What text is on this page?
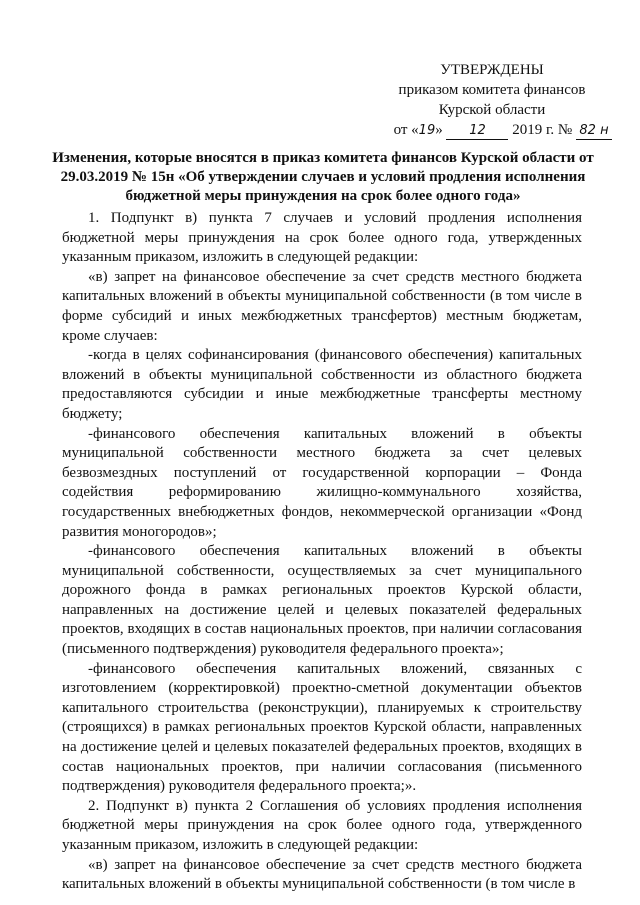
УТВЕРЖДЕНЫ
приказом комитета финансов
Курской области
от «19» 12 2019 г. № 82 н
Изменения, которые вносятся в приказ комитета финансов Курской области от 29.03.2019 № 15н «Об утверждении случаев и условий продления исполнения бюджетной меры принуждения на срок более одного года»

1. Подпункт в) пункта 7 случаев и условий продления исполнения бюджетной меры принуждения на срок более одного года, утвержденных указанным приказом, изложить в следующей редакции:

«в) запрет на финансовое обеспечение за счет средств местного бюджета капитальных вложений в объекты муниципальной собственности (в том числе в форме субсидий и иных межбюджетных трансфертов) местным бюджетам, кроме случаев:

-когда в целях софинансирования (финансового обеспечения) капитальных вложений в объекты муниципальной собственности из областного бюджета предоставляются субсидии и иные межбюджетные трансферты местному бюджету;

-финансового обеспечения капитальных вложений в объекты муниципальной собственности местного бюджета за счет целевых безвозмездных поступлений от государственной корпорации – Фонда содействия реформированию жилищно-коммунального хозяйства, государственных внебюджетных фондов, некоммерческой организации «Фонд развития моногородов»;

-финансового обеспечения капитальных вложений в объекты муниципальной собственности, осуществляемых за счет муниципального дорожного фонда в рамках региональных проектов Курской области, направленных на достижение целей и целевых показателей федеральных проектов, входящих в состав национальных проектов, при наличии согласования (письменного подтверждения) руководителя федерального проекта»;

-финансового обеспечения капитальных вложений, связанных с изготовлением (корректировкой) проектно-сметной документации объектов капитального строительства (реконструкции), планируемых к строительству (строящихся) в рамках региональных проектов Курской области, направленных на достижение целей и целевых показателей федеральных проектов, входящих в состав национальных проектов, при наличии согласования (письменного подтверждения) руководителя федерального проекта;».

2. Подпункт в) пункта 2 Соглашения об условиях продления исполнения бюджетной меры принуждения на срок более одного года, утвержденного указанным приказом, изложить в следующей редакции:

«в) запрет на финансовое обеспечение за счет средств местного бюджета капитальных вложений в объекты муниципальной собственности (в том числе в
